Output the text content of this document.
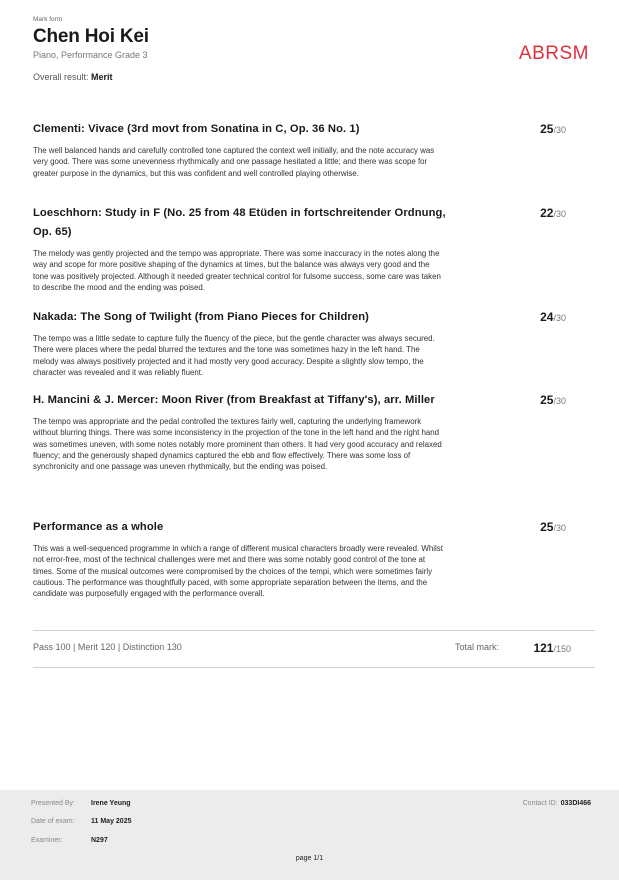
Mark form
Chen Hoi Kei
Piano, Performance Grade 3
Overall result: Merit
ABRSM
Clementi: Vivace (3rd movt from Sonatina in C, Op. 36 No. 1)	25/30
The well balanced hands and carefully controlled tone captured the context well initially, and the note accuracy was very good. There was some unevenness rhythmically and one passage hesitated a little; and there was scope for greater purpose in the dynamics, but this was confident and well controlled playing otherwise.
Loeschhorn: Study in F (No. 25 from 48 Etüden in fortschreitender Ordnung, Op. 65)
22/30
The melody was gently projected and the tempo was appropriate. There was some inaccuracy in the notes along the way and scope for more positive shaping of the dynamics at times, but the balance was always very good and the tone was positively projected. Although it needed greater technical control for fulsome success, some care was taken to describe the mood and the ending was poised.
Nakada: The Song of Twilight (from Piano Pieces for Children)	24/30
The tempo was a little sedate to capture fully the fluency of the piece, but the gentle character was always secured. There were places where the pedal blurred the textures and the tone was sometimes hazy in the left hand. The melody was always positively projected and it had mostly very good accuracy. Despite a slightly slow tempo, the character was revealed and it was reliably fluent.
H. Mancini & J. Mercer: Moon River (from Breakfast at Tiffany's), arr. Miller	25/30
The tempo was appropriate and the pedal controlled the textures fairly well, capturing the underlying framework without blurring things. There was some inconsistency in the projection of the tone in the left hand and the right hand was sometimes uneven, with some notes notably more prominent than others. It had very good accuracy and relaxed fluency; and the generously shaped dynamics captured the ebb and flow effectively. There was some loss of synchronicity and one passage was uneven rhythmically, but the ending was poised.
Performance as a whole	25/30
This was a well-sequenced programme in which a range of different musical characters broadly were revealed. Whilst not error-free, most of the technical challenges were met and there was some notably good control of the tone at times. Some of the musical outcomes were compromised by the choices of the tempi, which were sometimes fairly cautious. The performance was thoughtfully paced, with some appropriate separation between the items, and the candidate was purposefully engaged with the performance overall.
Pass 100 | Merit 120 | Distinction 130	Total mark:	121/150
Presented By: Irene Yeung
Date of exam: 11 May 2025
Examiner:	N297
Contact ID: 033DI466
page 1/1
